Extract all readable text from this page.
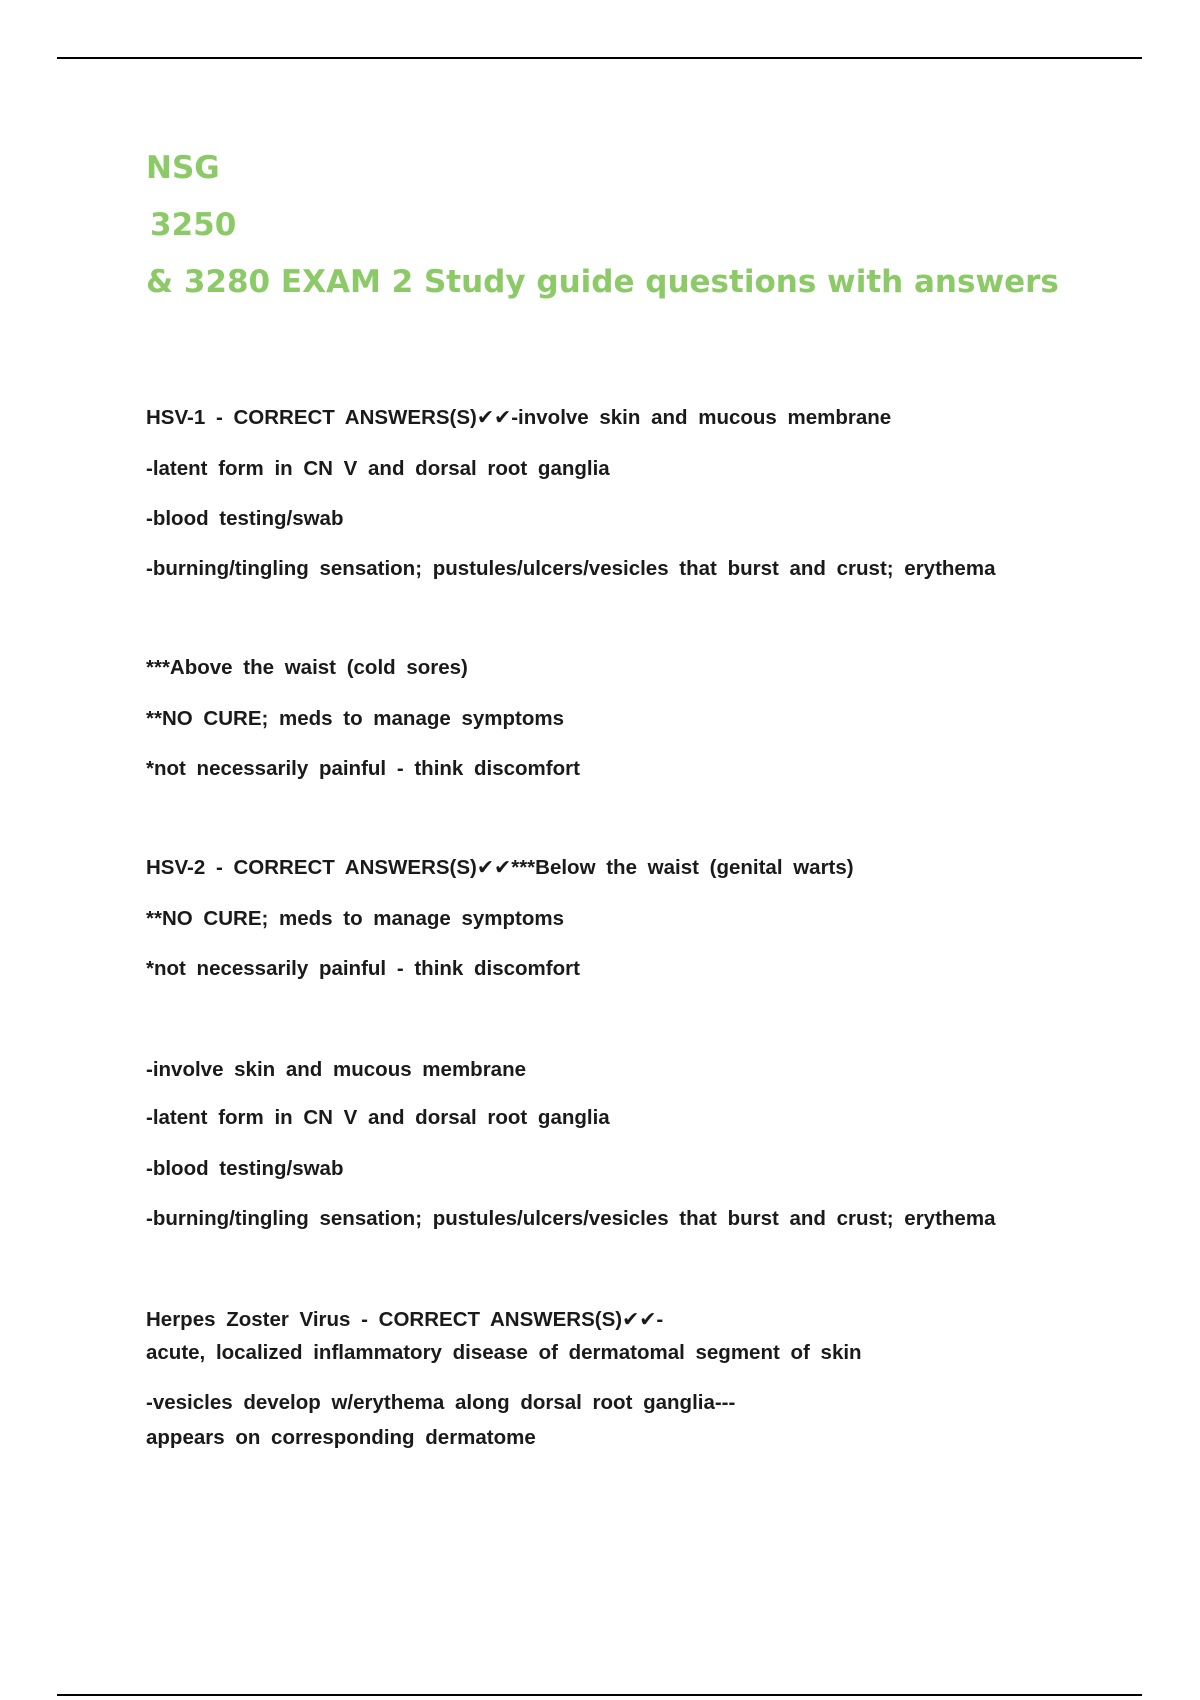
NSG
3250
& 3280 EXAM 2 Study guide questions with answers
HSV-1 - CORRECT ANSWERS(S)✔✔-involve skin and mucous membrane
-latent form in CN V and dorsal root ganglia
-blood testing/swab
-burning/tingling sensation; pustules/ulcers/vesicles that burst and crust; erythema
***Above the waist (cold sores)
**NO CURE; meds to manage symptoms
*not necessarily painful - think discomfort
HSV-2 - CORRECT ANSWERS(S)✔✔***Below the waist (genital warts)
**NO CURE; meds to manage symptoms
*not necessarily painful - think discomfort
-involve skin and mucous membrane
-latent form in CN V and dorsal root ganglia
-blood testing/swab
-burning/tingling sensation; pustules/ulcers/vesicles that burst and crust; erythema
Herpes Zoster Virus - CORRECT ANSWERS(S)✔✔-
acute, localized inflammatory disease of dermatomal segment of skin
-vesicles develop w/erythema along dorsal root ganglia---
appears on corresponding dermatome
